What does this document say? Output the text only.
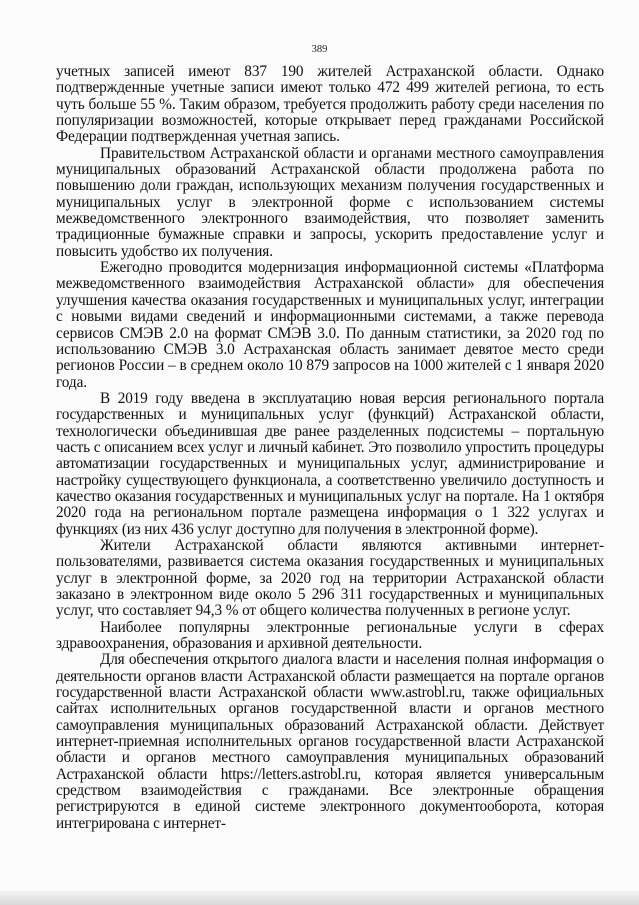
389

учетных записей имеют 837 190 жителей Астраханской области. Однако подтвержденные учетные записи имеют только 472 499 жителей региона, то есть чуть больше 55 %. Таким образом, требуется продолжить работу среди населения по популяризации возможностей, которые открывает перед гражданами Российской Федерации подтвержденная учетная запись.

Правительством Астраханской области и органами местного самоуправления муниципальных образований Астраханской области продолжена работа по повышению доли граждан, использующих механизм получения государственных и муниципальных услуг в электронной форме с использованием системы межведомственного электронного взаимодействия, что позволяет заменить традиционные бумажные справки и запросы, ускорить предоставление услуг и повысить удобство их получения.

Ежегодно проводится модернизация информационной системы «Платформа межведомственного взаимодействия Астраханской области» для обеспечения улучшения качества оказания государственных и муниципальных услуг, интеграции с новыми видами сведений и информационными системами, а также перевода сервисов СМЭВ 2.0 на формат СМЭВ 3.0. По данным статистики, за 2020 год по использованию СМЭВ 3.0 Астраханская область занимает девятое место среди регионов России – в среднем около 10 879 запросов на 1000 жителей с 1 января 2020 года.

В 2019 году введена в эксплуатацию новая версия регионального портала государственных и муниципальных услуг (функций) Астраханской области, технологически объединившая две ранее разделенных подсистемы – портальную часть с описанием всех услуг и личный кабинет. Это позволило упростить процедуры автоматизации государственных и муниципальных услуг, администрирование и настройку существующего функционала, а соответственно увеличило доступность и качество оказания государственных и муниципальных услуг на портале. На 1 октября 2020 года на региональном портале размещена информация о 1 322 услугах и функциях (из них 436 услуг доступно для получения в электронной форме).

Жители Астраханской области являются активными интернет-пользователями, развивается система оказания государственных и муниципальных услуг в электронной форме, за 2020 год на территории Астраханской области заказано в электронном виде около 5 296 311 государственных и муниципальных услуг, что составляет 94,3 % от общего количества полученных в регионе услуг.

Наиболее популярны электронные региональные услуги в сферах здравоохранения, образования и архивной деятельности.

Для обеспечения открытого диалога власти и населения полная информация о деятельности органов власти Астраханской области размещается на портале органов государственной власти Астраханской области www.astrobl.ru, также официальных сайтах исполнительных органов государственной власти и органов местного самоуправления муниципальных образований Астраханской области. Действует интернет-приемная исполнительных органов государственной власти Астраханской области и органов местного самоуправления муниципальных образований Астраханской области https://letters.astrobl.ru, которая является универсальным средством взаимодействия с гражданами. Все электронные обращения регистрируются в единой системе электронного документооборота, которая интегрирована с интернет-
